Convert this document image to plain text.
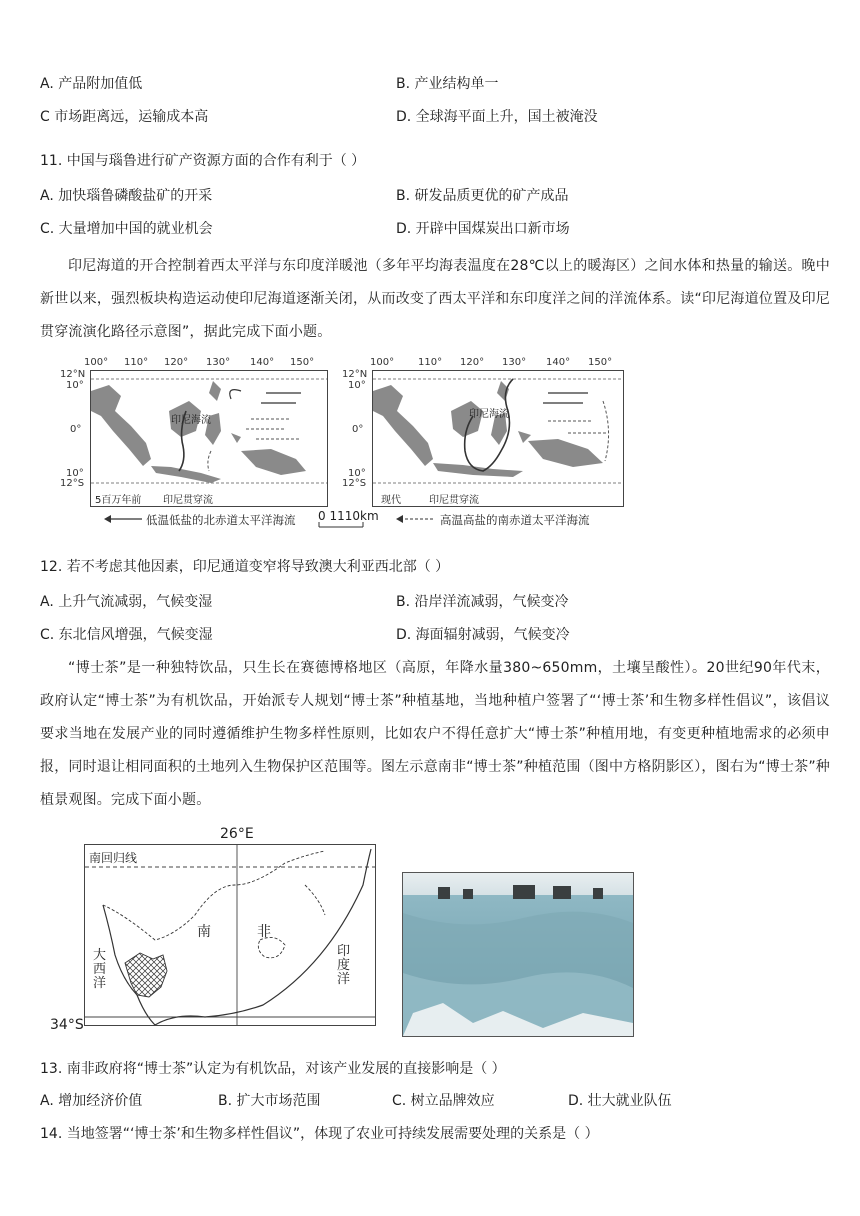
A. 产品附加值低	B. 产业结构单一
C 市场距离远，运输成本高	D. 全球海平面上升，国土被淹没
11. 中国与瑙鲁进行矿产资源方面的合作有利于（ ）
A. 加快瑙鲁磷酸盐矿的开采	B. 研发品质更优的矿产成品
C. 大量增加中国的就业机会	D. 开辟中国煤炭出口新市场
印尼海道的开合控制着西太平洋与东印度洋暖池（多年平均海表温度在28℃以上的暖海区）之间水体和热量的输送。晚中新世以来，强烈板块构造运动使印尼海道逐渐关闭，从而改变了西太平洋和东印度洋之间的洋流体系。读“印尼海道位置及印尼贯穿流演化路径示意图”，据此完成下面小题。
印尼海流
5百万年前 印尼贯穿流
100° 110° 120° 130° 140° 150°
12°N
10°
0°
10°
12°S
印尼海流
现代	印尼贯穿流
100° 110° 120° 130° 140° 150°
12°N
10°
0°
10°
12°S
低温低盐的北赤道太平洋海流 0 1110km	高温高盐的南赤道太平洋海流
12. 若不考虑其他因素，印尼通道变窄将导致澳大利亚西北部（ ）
A. 上升气流减弱，气候变湿	B. 沿岸洋流减弱，气候变冷
C. 东北信风增强，气候变湿	D. 海面辐射减弱，气候变冷
“博士茶”是一种独特饮品，只生长在赛德博格地区（高原，年降水量380~650mm，土壤呈酸性）。20世纪90年代末，政府认定“博士茶”为有机饮品，开始派专人规划“博士茶”种植基地，当地种植户签署了“‘博士茶’和生物多样性倡议”，该倡议要求当地在发展产业的同时遵循维护生物多样性原则，比如农户不得任意扩大“博士茶”种植用地，有变更种植地需求的必须申报，同时退让相同面积的土地列入生物保护区范围等。图左示意南非“博士茶”种植范围（图中方格阴影区），图右为“博士茶”种植景观图。完成下面小题。
26°E
南回归线
南	非
大西洋
印度洋
34°S
13. 南非政府将“博士茶”认定为有机饮品，对该产业发展的直接影响是（ ）
A. 增加经济价值	B. 扩大市场范围	C. 树立品牌效应	D. 壮大就业队伍
14. 当地签署“‘博士茶’和生物多样性倡议”，体现了农业可持续发展需要处理的关系是（ ）
